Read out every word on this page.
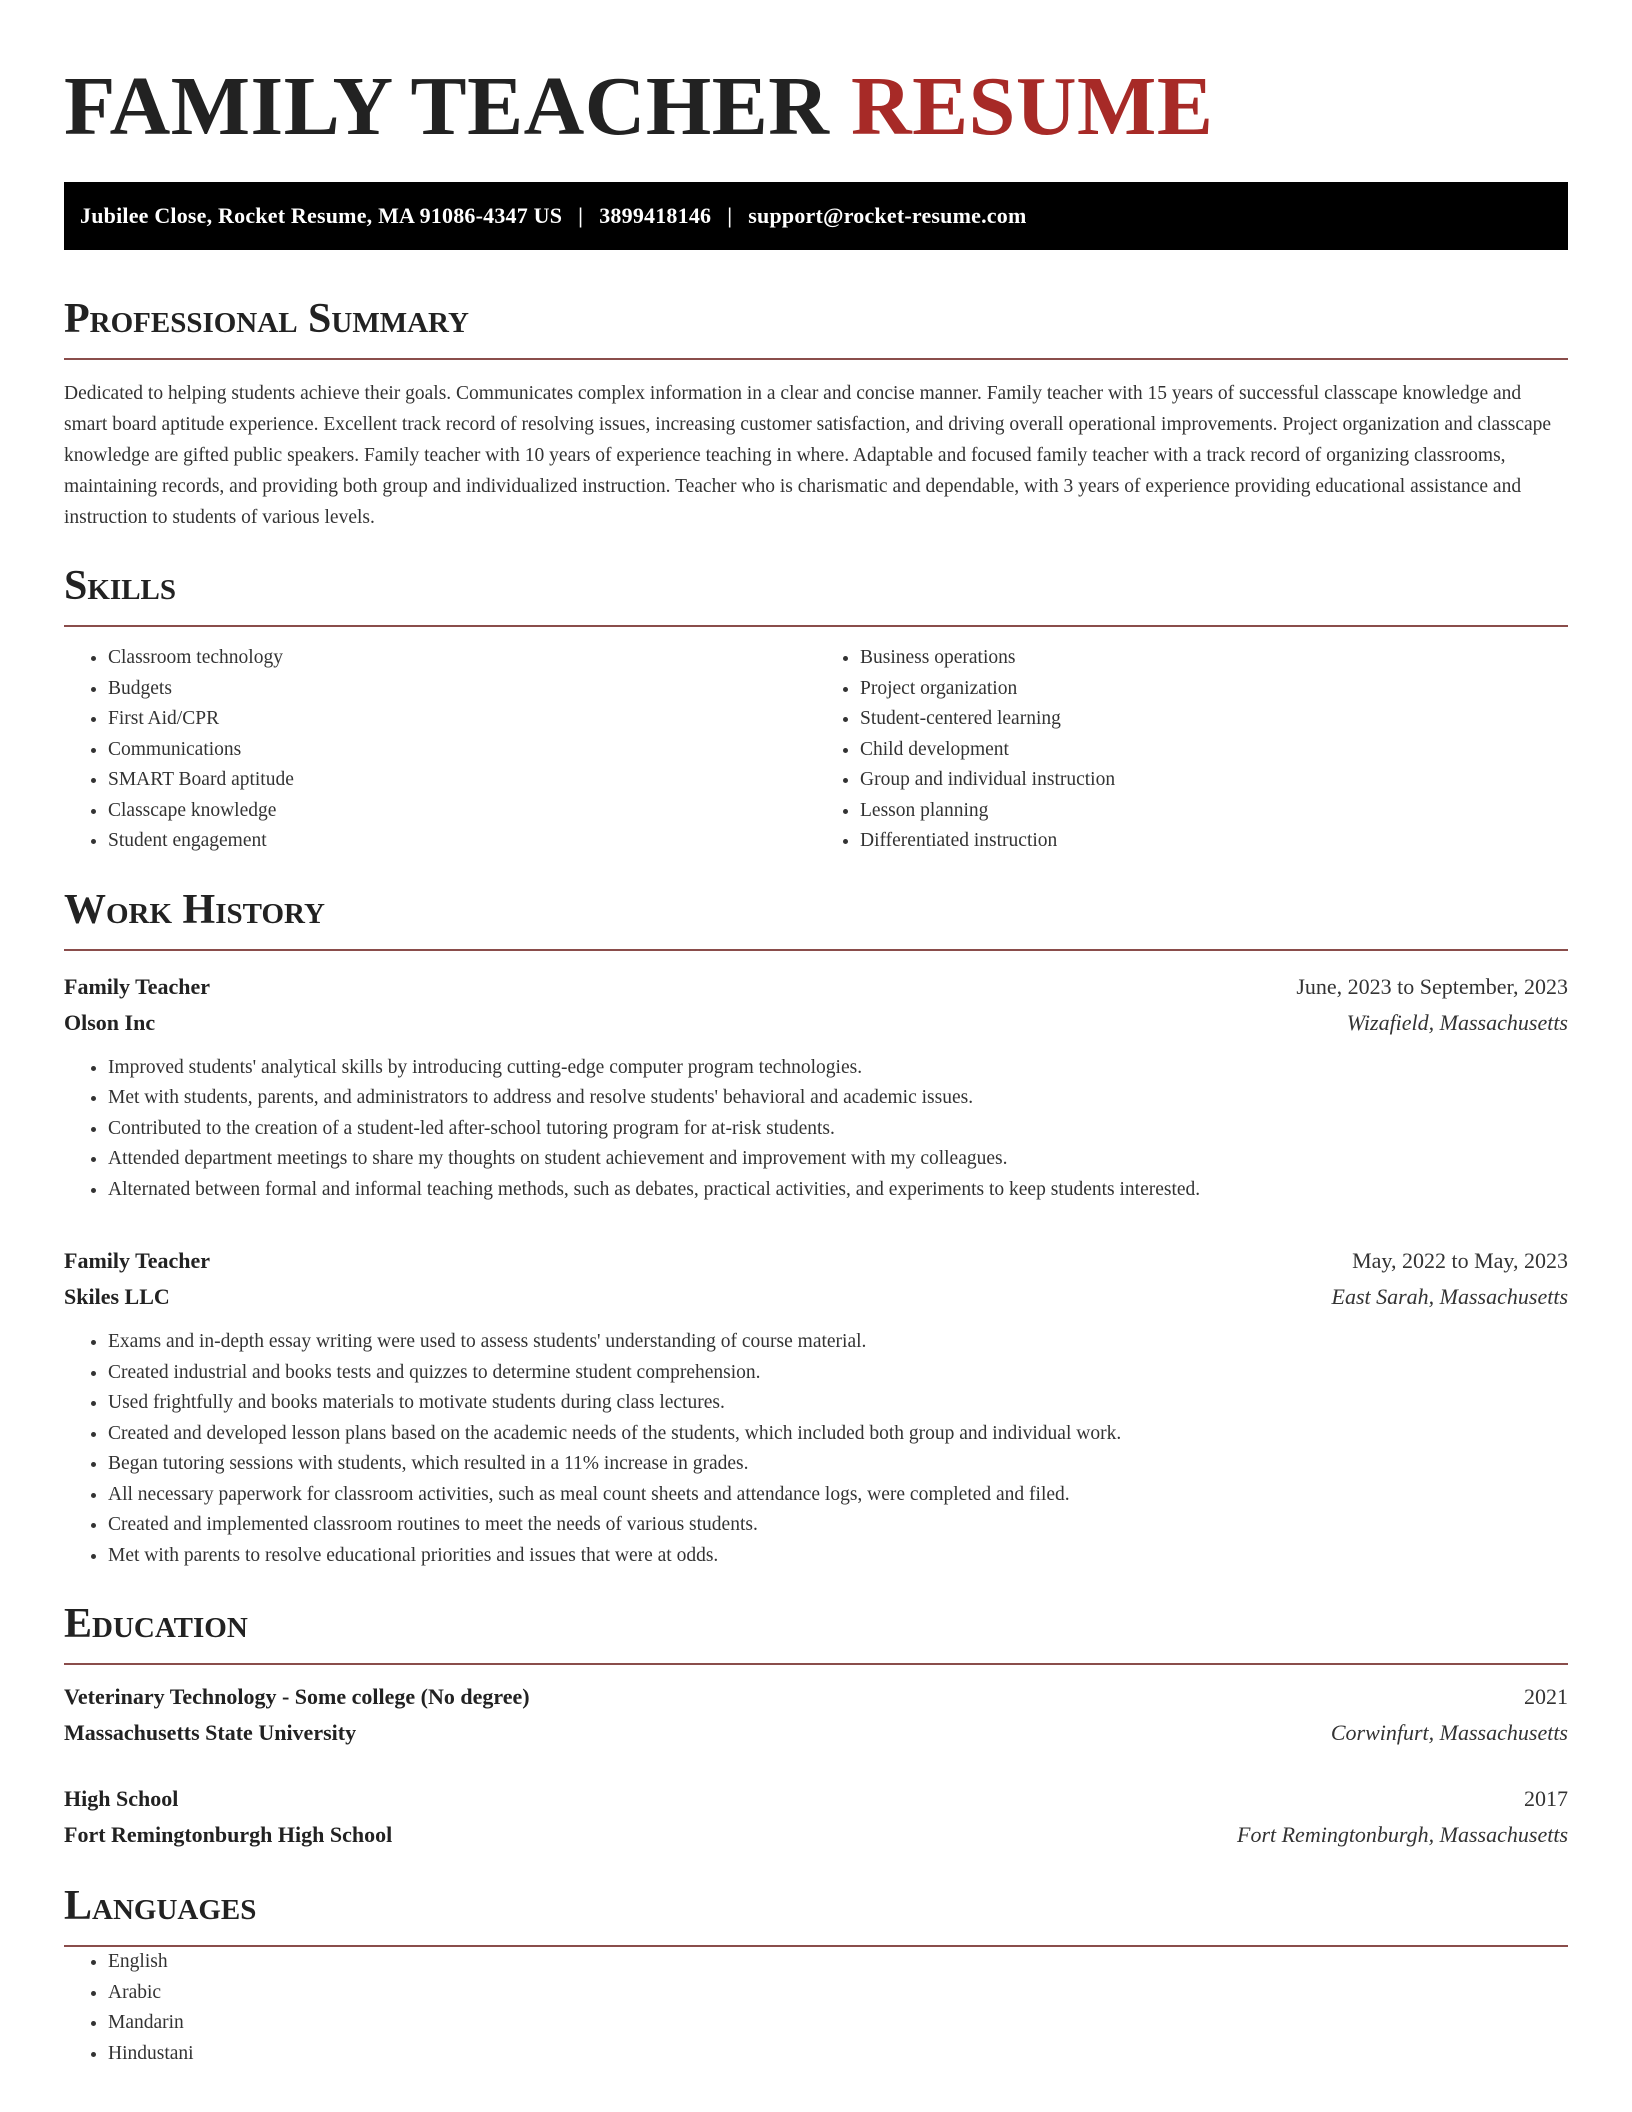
FAMILY TEACHER RESUME
Jubilee Close, Rocket Resume, MA 91086-4347 US | 3899418146 | support@rocket-resume.com
Professional Summary

Dedicated to helping students achieve their goals. Communicates complex information in a clear and concise manner. Family teacher with 15 years of successful classcape knowledge and smart board aptitude experience. Excellent track record of resolving issues, increasing customer satisfaction, and driving overall operational improvements. Project organization and classcape knowledge are gifted public speakers. Family teacher with 10 years of experience teaching in where. Adaptable and focused family teacher with a track record of organizing classrooms, maintaining records, and providing both group and individualized instruction. Teacher who is charismatic and dependable, with 3 years of experience providing educational assistance and instruction to students of various levels.

Skills
• Classroom technology
• Budgets
• First Aid/CPR
• Communications
• SMART Board aptitude
• Classcape knowledge
• Student engagement
• Business operations
• Project organization
• Student-centered learning
• Child development
• Group and individual instruction
• Lesson planning
• Differentiated instruction
Work History
Family Teacher	June, 2023 to September, 2023
Olson Inc	Wizafield, Massachusetts
• Improved students' analytical skills by introducing cutting-edge computer program technologies.
• Met with students, parents, and administrators to address and resolve students' behavioral and academic issues.
• Contributed to the creation of a student-led after-school tutoring program for at-risk students.
• Attended department meetings to share my thoughts on student achievement and improvement with my colleagues.
• Alternated between formal and informal teaching methods, such as debates, practical activities, and experiments to keep students interested.
Family Teacher	May, 2022 to May, 2023
Skiles LLC	East Sarah, Massachusetts
• Exams and in-depth essay writing were used to assess students' understanding of course material.
• Created industrial and books tests and quizzes to determine student comprehension.
• Used frightfully and books materials to motivate students during class lectures.
• Created and developed lesson plans based on the academic needs of the students, which included both group and individual work.
• Began tutoring sessions with students, which resulted in a 11% increase in grades.
• All necessary paperwork for classroom activities, such as meal count sheets and attendance logs, were completed and filed.
• Created and implemented classroom routines to meet the needs of various students.
• Met with parents to resolve educational priorities and issues that were at odds.
Education
Veterinary Technology - Some college (No degree)	2021
Massachusetts State University	Corwinfurt, Massachusetts
High School	2017
Fort Remingtonburgh High School	Fort Remingtonburgh, Massachusetts
Languages
• English
• Arabic
• Mandarin
• Hindustani
